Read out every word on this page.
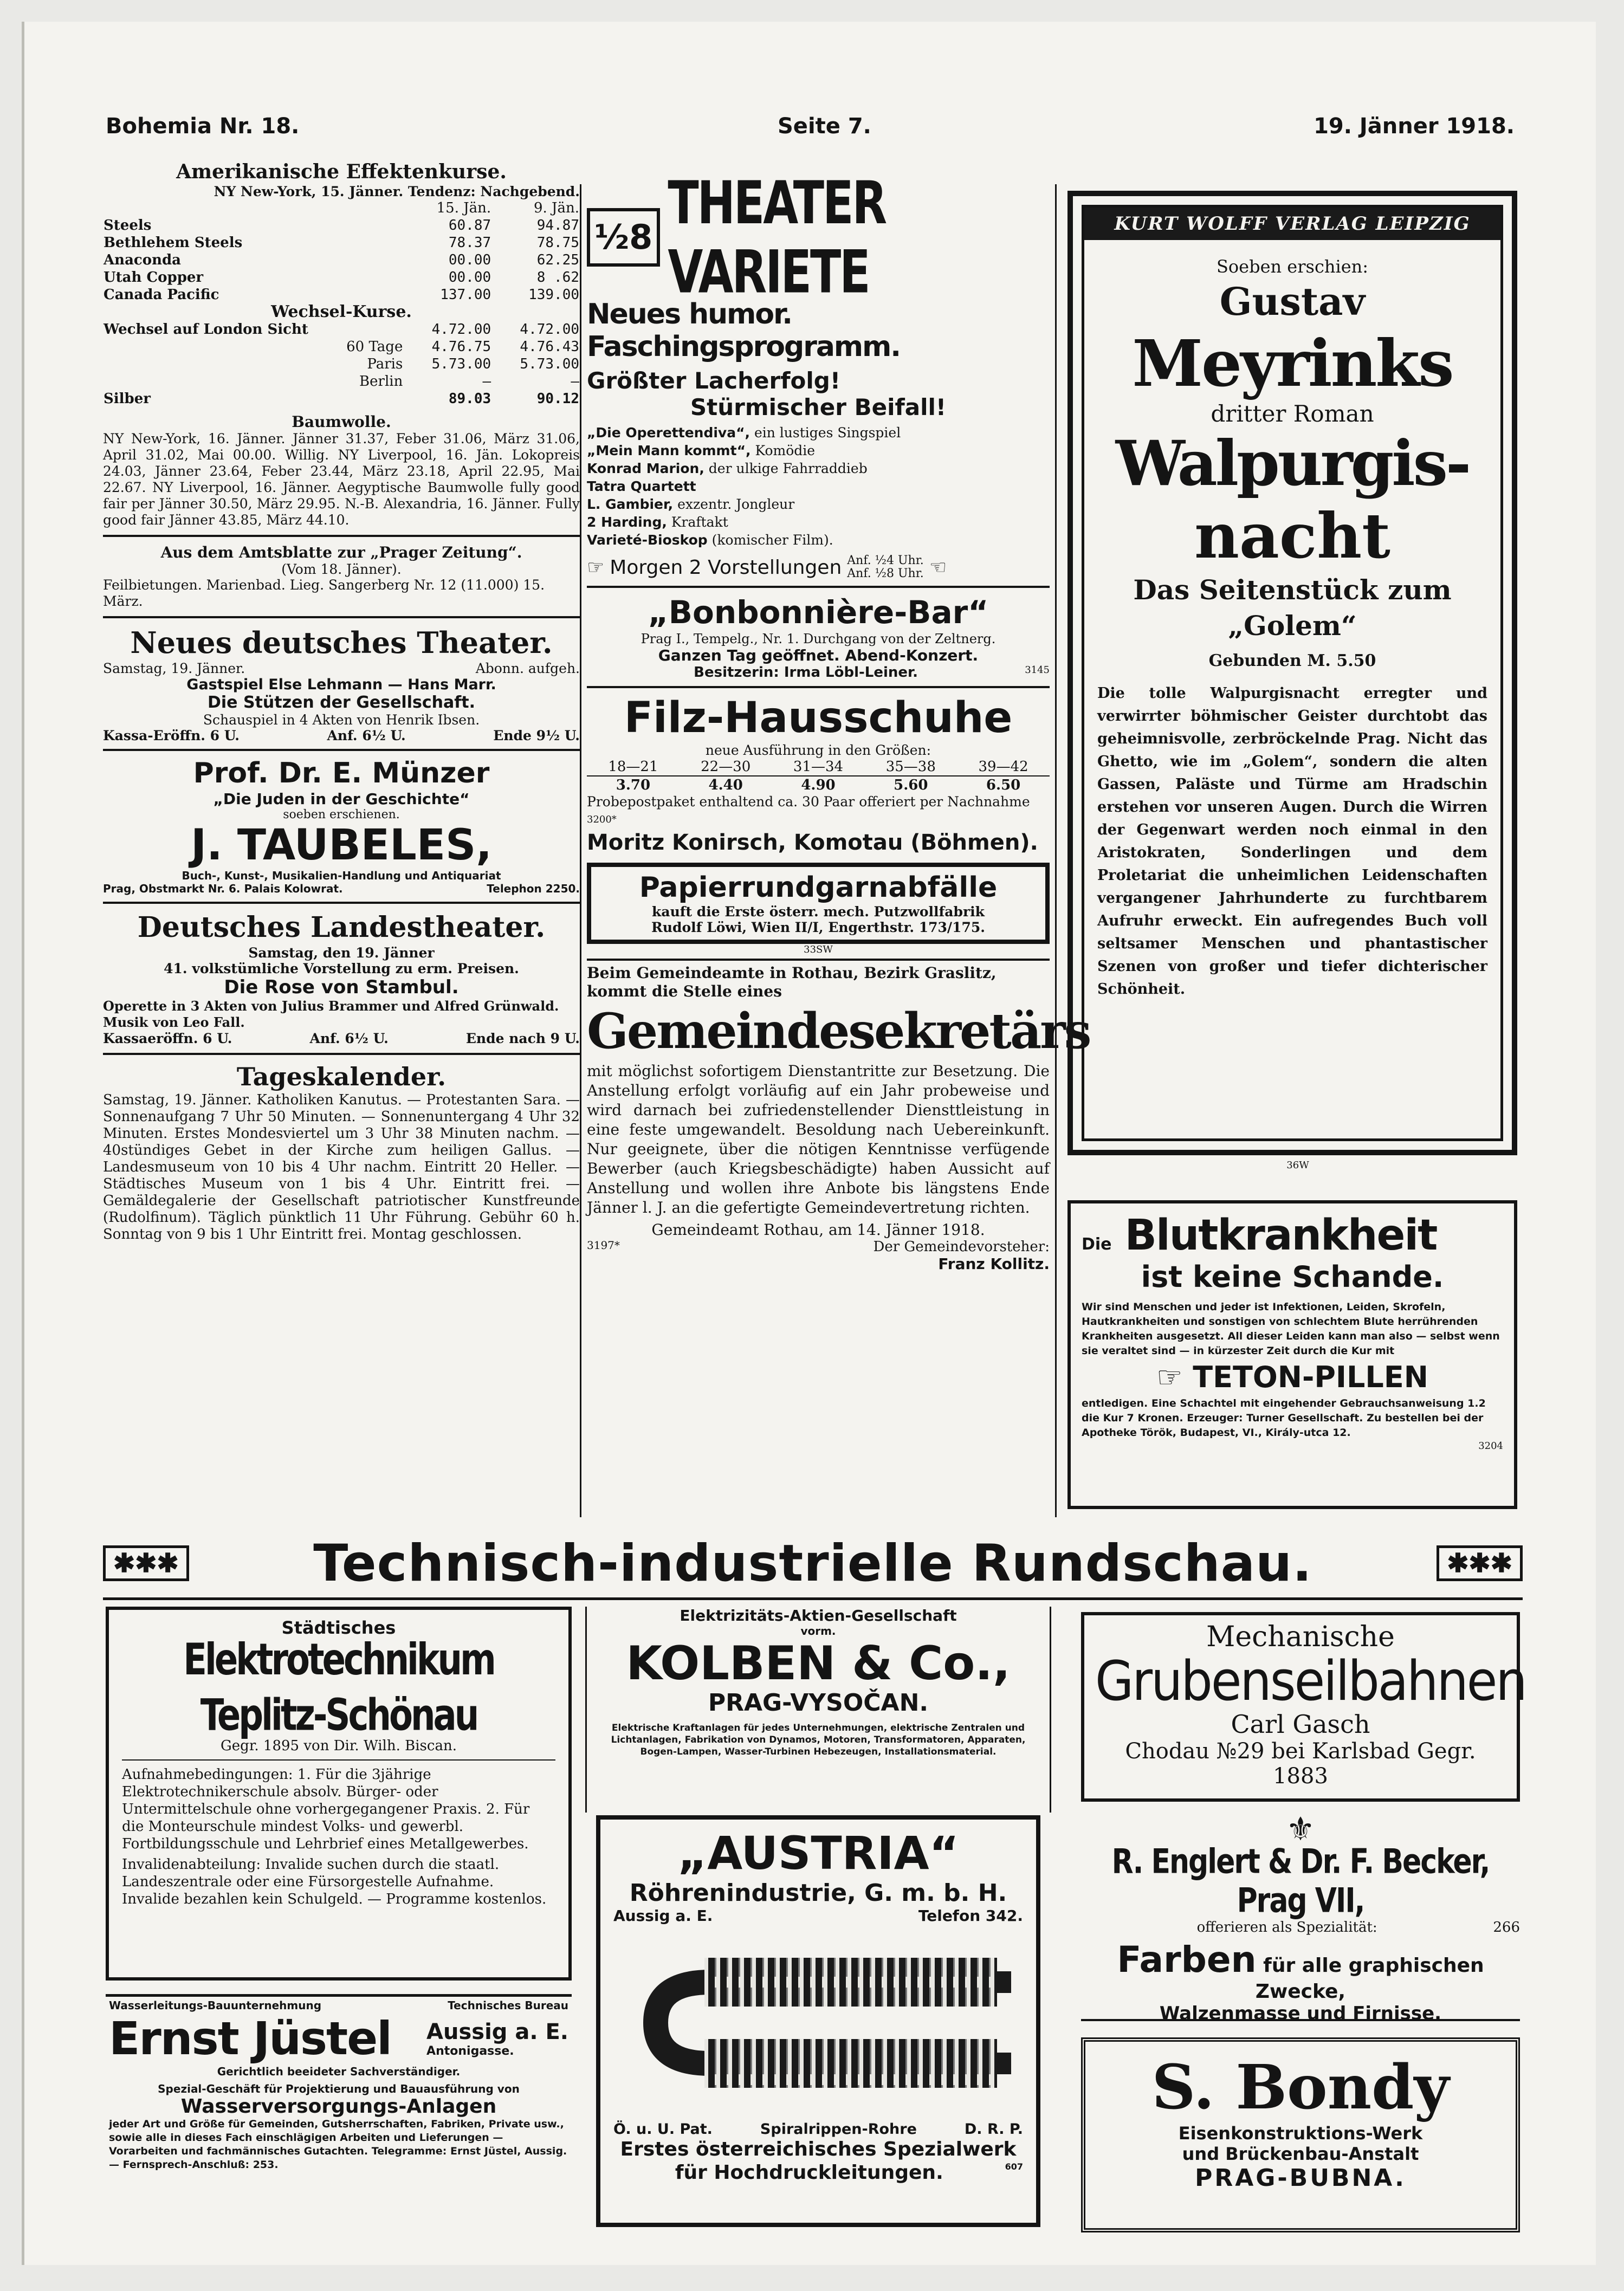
Bohemia Nr. 18.	Seite 7.	19. Jänner 1918.
Amerikanische Effektenkurse.
NY New-York, 15. Jänner. Tendenz: Nachgebend.
	15. Jän.	9. Jän.
Steels	60.87	94.87
Bethlehem Steels	78.37	78.75
Anaconda	00.00	62.25
Utah Copper	00.00	8 .62
Canada Pacific	137.00	139.00
Wechsel-Kurse.		
Wechsel auf London Sicht	4.72.00	4.72.00
60 Tage	4.76.75	4.76.43
Paris	5.73.00	5.73.00
Berlin	—	—
Silber	89.03	90.12
Baumwolle.
NY New-York, 16. Jänner. Jänner 31.37, Feber 31.06, März 31.06, April 31.02, Mai 00.00. Willig. NY Liverpool, 16. Jän. Lokopreis 24.03, Jänner 23.64, Feber 23.44, März 23.18, April 22.95, Mai 22.67. NY Liverpool, 16. Jänner. Aegyptische Baumwolle fully good fair per Jänner 30.50, März 29.95. N.-B. Alexandria, 16. Jänner. Fully good fair Jänner 43.85, März 44.10.
Aus dem Amtsblatte zur „Prager Zeitung“.
(Vom 18. Jänner).
Feilbietungen. Marienbad. Lieg. Sangerberg Nr. 12 (11.000) 15. März.
Neues deutsches Theater.
Samstag, 19. Jänner.	Abonn. aufgeh.
Gastspiel Else Lehmann — Hans Marr.
Die Stützen der Gesellschaft.
Schauspiel in 4 Akten von Henrik Ibsen.
Kassa-Eröffn. 6 U.	Anf. 6½ U.	Ende 9½ U.
Prof. Dr. E. Münzer
„Die Juden in der Geschichte“
soeben erschienen.
J. TAUBELES,
Buch-, Kunst-, Musikalien-Handlung und Antiquariat
Prag, Obstmarkt Nr. 6. Palais Kolowrat.	Telephon 2250.
Deutsches Landestheater.
Samstag, den 19. Jänner
41. volkstümliche Vorstellung zu erm. Preisen.
Die Rose von Stambul.
Operette in 3 Akten von Julius Brammer und Alfred Grünwald. Musik von Leo Fall.
Kassaeröffn. 6 U.	Anf. 6½ U.	Ende nach 9 U.
Tageskalender.
Samstag, 19. Jänner. Katholiken Kanutus. — Protestanten Sara. — Sonnenaufgang 7 Uhr 50 Minuten. — Sonnenuntergang 4 Uhr 32 Minuten. Erstes Mondesviertel um 3 Uhr 38 Minuten nachm. — 40stündiges Gebet in der Kirche zum heiligen Gallus. — Landesmuseum von 10 bis 4 Uhr nachm. Eintritt 20 Heller. — Städtisches Museum von 1 bis 4 Uhr. Eintritt frei. — Gemäldegalerie der Gesellschaft patriotischer Kunstfreunde (Rudolfinum). Täglich pünktlich 11 Uhr Führung. Gebühr 60 h. Sonntag von 9 bis 1 Uhr Eintritt frei. Montag geschlossen.
½8 THEATER VARIETE
Neues humor. Faschingsprogramm.
Größter Lacherfolg!
Stürmischer Beifall!
„Die Operettendiva“, ein lustiges Singspiel
„Mein Mann kommt“, Komödie
Konrad Marion, der ulkige Fahrraddieb
Tatra Quartett
L. Gambier, exzentr. Jongleur
2 Harding, Kraftakt
Varieté-Bioskop (komischer Film).
☞ Morgen 2 Vorstellungen Anf. ½4 Uhr.
Anf. ½8 Uhr. ☜
„Bonbonnière-Bar“
Prag I., Tempelg., Nr. 1. Durchgang von der Zeltnerg.
Ganzen Tag geöffnet. Abend-Konzert.
Besitzerin: Irma Löbl-Leiner.	3145
Filz-Hausschuhe
neue Ausführung in den Größen:
18—21	22—30	31—34	35—38	39—42
3.70	4.40	4.90	5.60	6.50
Probepostpaket enthaltend ca. 30 Paar offeriert per Nachnahme 3200*
Moritz Konirsch, Komotau (Böhmen).
Papierrundgarnabfälle
kauft die Erste österr. mech. Putzwollfabrik
Rudolf Löwi, Wien II/I, Engerthstr. 173/175.
33SW
Beim Gemeindeamte in Rothau, Bezirk Graslitz, kommt die Stelle eines
Gemeindesekretärs
mit möglichst sofortigem Dienstantritte zur Besetzung. Die Anstellung erfolgt vorläufig auf ein Jahr probeweise und wird darnach bei zufriedenstellender Diensttleistung in eine feste umgewandelt. Besoldung nach Uebereinkunft. Nur geeignete, über die nötigen Kenntnisse verfügende Bewerber (auch Kriegsbeschädigte) haben Aussicht auf Anstellung und wollen ihre Anbote bis längstens Ende Jänner l. J. an die gefertigte Gemeindevertretung richten.
Gemeindeamt Rothau, am 14. Jänner 1918.
3197*	Der Gemeindevorsteher:
Franz Kollitz.
KURT WOLFF VERLAG LEIPZIG
Soeben erschien:
Gustav
Meyrinks
dritter Roman
Walpurgis-
nacht
Das Seitenstück zum
„Golem“
Gebunden M. 5.50
Die tolle Walpurgisnacht erregter und verwirrter böhmischer Geister durchtobt das geheimnisvolle, zerbröckelnde Prag. Nicht das Ghetto, wie im „Golem“, sondern die alten Gassen, Paläste und Türme am Hradschin erstehen vor unseren Augen. Durch die Wirren der Gegenwart werden noch einmal in den Aristokraten, Sonderlingen und dem Proletariat die unheimlichen Leidenschaften vergangener Jahrhunderte zu furchtbarem Aufruhr erweckt. Ein aufregendes Buch voll seltsamer Menschen und phantastischer Szenen von großer und tiefer dichterischer Schönheit.
36W
Die Blutkrankheit
ist keine Schande.
Wir sind Menschen und jeder ist Infektionen, Leiden, Skrofeln, Hautkrankheiten und sonstigen von schlechtem Blute herrührenden Krankheiten ausgesetzt. All dieser Leiden kann man also — selbst wenn sie veraltet sind — in kürzester Zeit durch die Kur mit
☞ TETON-PILLEN
entledigen. Eine Schachtel mit eingehender Gebrauchsanweisung 1.2 die Kur 7 Kronen. Erzeuger: Turner Gesellschaft. Zu bestellen bei der Apotheke Török, Budapest, VI., Király-utca 12.
3204
✱✱✱	Technisch-industrielle Rundschau.	✱✱✱
Städtisches
Elektrotechnikum Teplitz-Schönau
Gegr. 1895 von Dir. Wilh. Biscan.
Aufnahmebedingungen: 1. Für die 3jährige Elektrotechnikerschule absolv. Bürger- oder Untermittelschule ohne vorhergegangener Praxis. 2. Für die Monteurschule mindest Volks- und gewerbl. Fortbildungsschule und Lehrbrief eines Metallgewerbes.
Invalidenabteilung: Invalide suchen durch die staatl. Landeszentrale oder eine Fürsorgestelle Aufnahme. Invalide bezahlen kein Schulgeld. — Programme kostenlos.
Wasserleitungs-Bauunternehmung	Technisches Bureau
Ernst Jüstel Aussig a. E.
Antonigasse.
Gerichtlich beeideter Sachverständiger.
Spezial-Geschäft für Projektierung und Bauausführung von
Wasserversorgungs-Anlagen
jeder Art und Größe für Gemeinden, Gutsherrschaften, Fabriken, Private usw., sowie alle in dieses Fach einschlägigen Arbeiten und Lieferungen — Vorarbeiten und fachmännisches Gutachten. Telegramme: Ernst Jüstel, Aussig. — Fernsprech-Anschluß: 253.
Elektrizitäts-Aktien-Gesellschaft
vorm.
KOLBEN & Co.,
PRAG-VYSOČAN.
Elektrische Kraftanlagen für jedes Unternehmungen, elektrische Zentralen und Lichtanlagen, Fabrikation von Dynamos, Motoren, Transformatoren, Apparaten, Bogen-Lampen, Wasser-Turbinen Hebezeugen, Installationsmaterial.
„AUSTRIA“
Röhrenindustrie, G. m. b. H.
Aussig a. E.	Telefon 342.
Ö. u. U. Pat.	Spiralrippen-Rohre	D. R. P.
Erstes österreichisches Spezialwerk
für Hochdruckleitungen.	607
Mechanische
Grubenseilbahnen
Carl Gasch
Chodau №29 bei Karlsbad Gegr. 1883
⚜
R. Englert & Dr. F. Becker, Prag VII,
offerieren als Spezialität:	266
Farben für alle graphischen Zwecke,
Walzenmasse und Firnisse.
S. Bondy
Eisenkonstruktions-Werk
und Brückenbau-Anstalt
PRAG-BUBNA.
